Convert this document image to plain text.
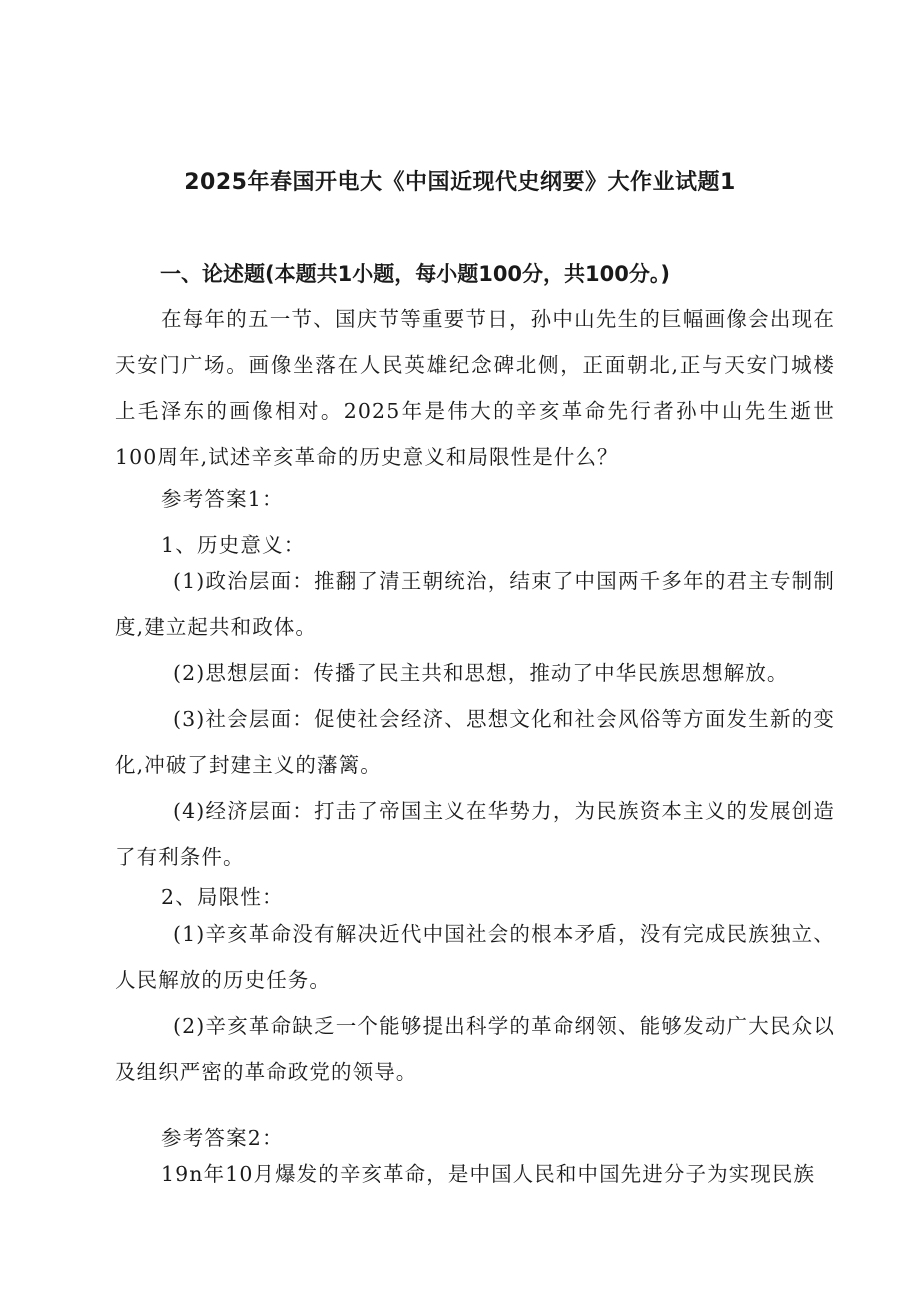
2025年春国开电大《中国近现代史纲要》大作业试题1
一、论述题(本题共1小题，每小题100分，共100分。)

在每年的五一节、国庆节等重要节日，孙中山先生的巨幅画像会出现在天安门广场。画像坐落在人民英雄纪念碑北侧，正面朝北,正与天安门城楼上毛泽东的画像相对。2025年是伟大的辛亥革命先行者孙中山先生逝世100周年,试述辛亥革命的历史意义和局限性是什么？

参考答案1：
1、历史意义：

(1)政治层面：推翻了清王朝统治，结束了中国两千多年的君主专制制度,建立起共和政体。

(2)思想层面：传播了民主共和思想，推动了中华民族思想解放。

(3)社会层面：促使社会经济、思想文化和社会风俗等方面发生新的变化,冲破了封建主义的藩篱。

(4)经济层面：打击了帝国主义在华势力，为民族资本主义的发展创造了有利条件。

2、局限性：

(1)辛亥革命没有解决近代中国社会的根本矛盾，没有完成民族独立、人民解放的历史任务。

(2)辛亥革命缺乏一个能够提出科学的革命纲领、能够发动广大民众以及组织严密的革命政党的领导。

参考答案2：
19n年10月爆发的辛亥革命，是中国人民和中国先进分子为实现民族
